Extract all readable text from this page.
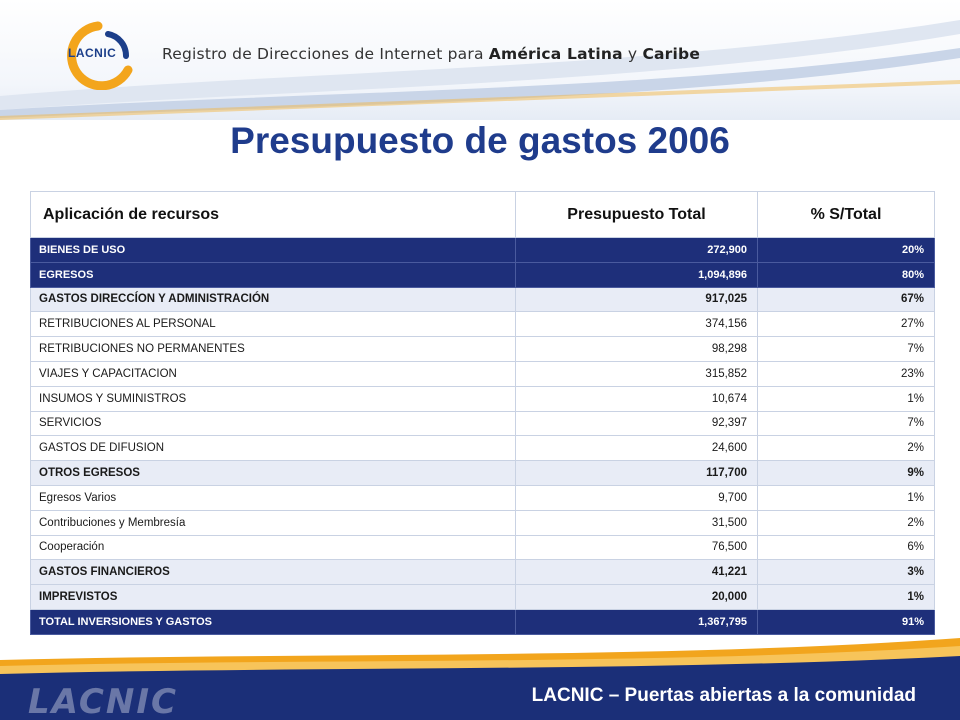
LACNIC	Registro de Direcciones de Internet para América Latina y Caribe
Presupuesto de gastos 2006
Aplicación de recursos	Presupuesto Total	% S/Total
BIENES DE USO	272,900	20%
EGRESOS	1,094,896	80%
GASTOS DIRECCÍON Y ADMINISTRACIÓN	917,025	67%
RETRIBUCIONES AL PERSONAL	374,156	27%
RETRIBUCIONES NO PERMANENTES	98,298	7%
VIAJES Y CAPACITACION	315,852	23%
INSUMOS Y SUMINISTROS	10,674	1%
SERVICIOS	92,397	7%
GASTOS DE DIFUSION	24,600	2%
OTROS EGRESOS	117,700	9%
Egresos Varios	9,700	1%
Contribuciones y Membresía	31,500	2%
Cooperación	76,500	6%
GASTOS FINANCIEROS	41,221	3%
IMPREVISTOS	20,000	1%
TOTAL INVERSIONES Y GASTOS	1,367,795	91%
LACNIC	LACNIC – Puertas abiertas a la comunidad
